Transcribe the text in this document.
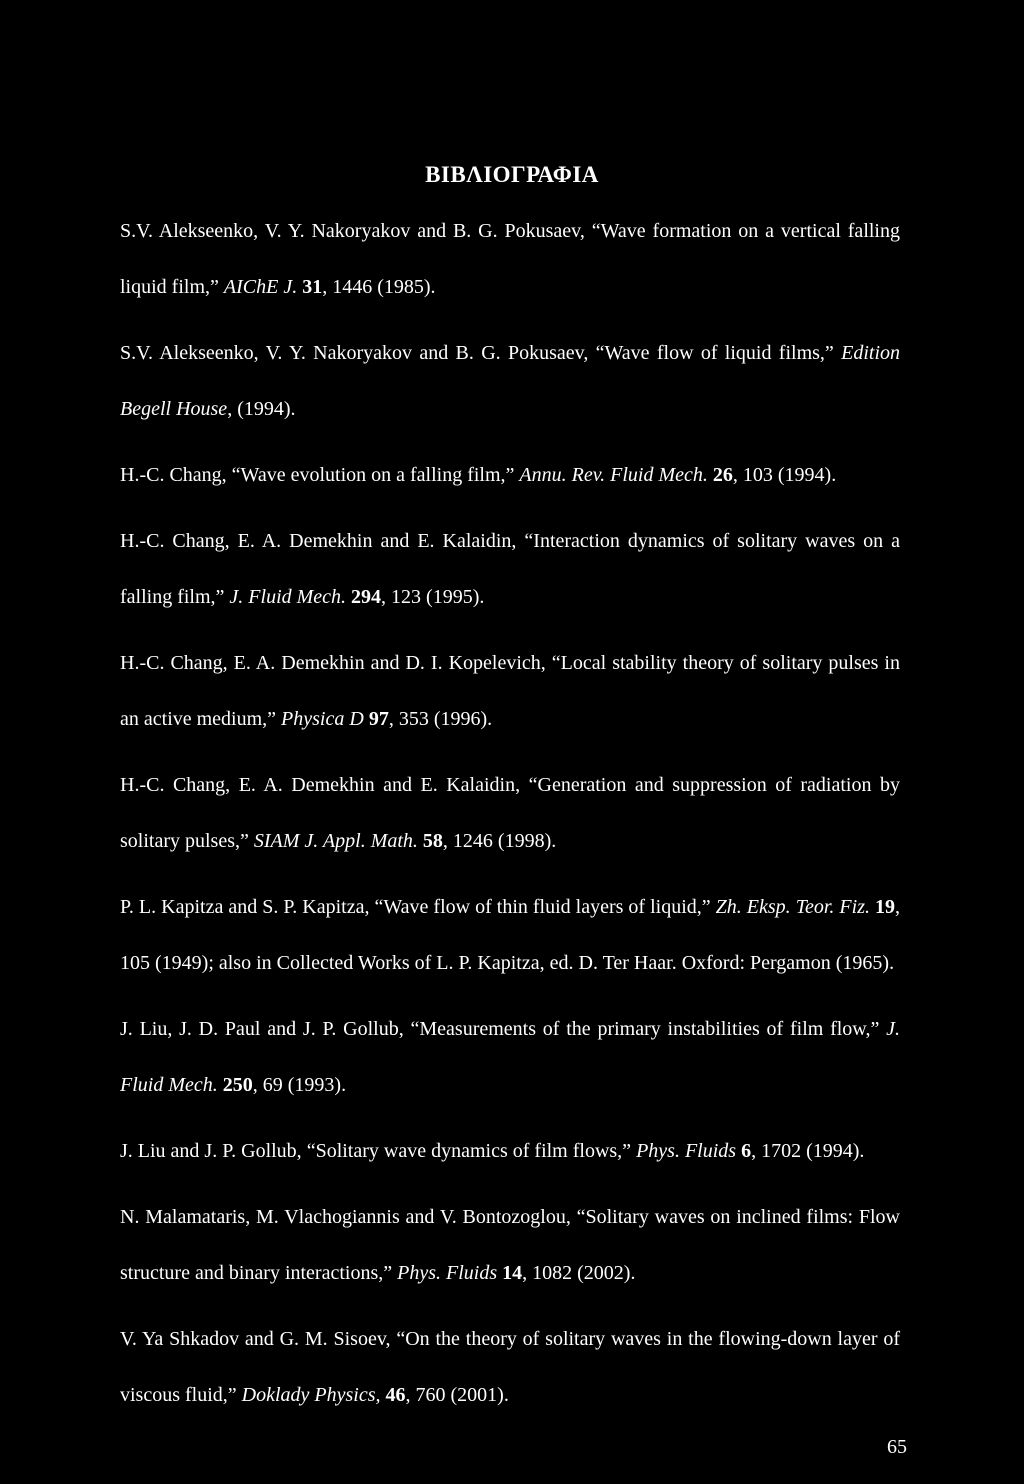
ΒΙΒΛΙΟΓΡΑΦΙΑ
S.V. Alekseenko, V. Y. Nakoryakov and B. G. Pokusaev, “Wave formation on a vertical falling liquid film,” AIChE J. 31, 1446 (1985).
S.V. Alekseenko, V. Y. Nakoryakov and B. G. Pokusaev, “Wave flow of liquid films,” Edition Begell House, (1994).
H.-C. Chang, “Wave evolution on a falling film,” Annu. Rev. Fluid Mech. 26, 103 (1994).
H.-C. Chang, E. A. Demekhin and E. Kalaidin, “Interaction dynamics of solitary waves on a falling film,” J. Fluid Mech. 294, 123 (1995).
H.-C. Chang, E. A. Demekhin and D. I. Kopelevich, “Local stability theory of solitary pulses in an active medium,” Physica D 97, 353 (1996).
H.-C. Chang, E. A. Demekhin and E. Kalaidin, “Generation and suppression of radiation by solitary pulses,” SIAM J. Appl. Math. 58, 1246 (1998).
P. L. Kapitza and S. P. Kapitza, “Wave flow of thin fluid layers of liquid,” Zh. Eksp. Teor. Fiz. 19, 105 (1949); also in Collected Works of L. P. Kapitza, ed. D. Ter Haar. Oxford: Pergamon (1965).
J. Liu, J. D. Paul and J. P. Gollub, “Measurements of the primary instabilities of film flow,” J. Fluid Mech. 250, 69 (1993).
J. Liu and J. P. Gollub, “Solitary wave dynamics of film flows,” Phys. Fluids 6, 1702 (1994).
N. Malamataris, M. Vlachogiannis and V. Bontozoglou, “Solitary waves on inclined films: Flow structure and binary interactions,” Phys. Fluids 14, 1082 (2002).
V. Ya Shkadov and G. M. Sisoev, “On the theory of solitary waves in the flowing-down layer of viscous fluid,” Doklady Physics, 46, 760 (2001).
65
